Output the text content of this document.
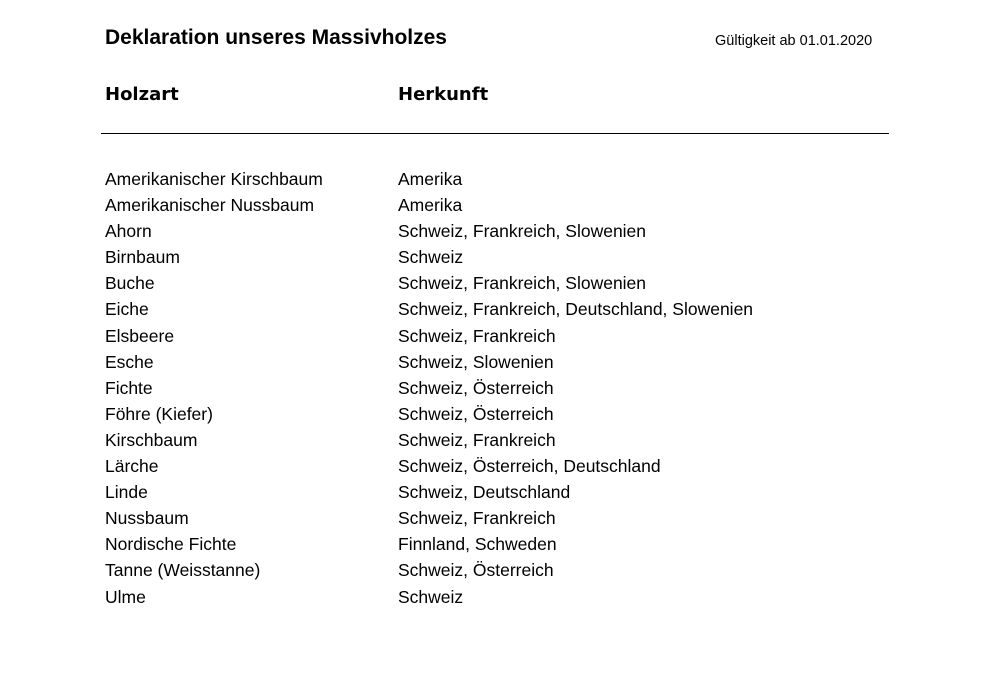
Deklaration unseres Massivholzes	Gültigkeit ab 01.01.2020
Holzart	Herkunft
Amerikanischer Kirschbaum	Amerika
Amerikanischer Nussbaum	Amerika
Ahorn	Schweiz, Frankreich, Slowenien
Birnbaum	Schweiz
Buche	Schweiz, Frankreich, Slowenien
Eiche	Schweiz, Frankreich, Deutschland, Slowenien
Elsbeere	Schweiz, Frankreich
Esche	Schweiz, Slowenien
Fichte	Schweiz, Österreich
Föhre (Kiefer)	Schweiz, Österreich
Kirschbaum	Schweiz, Frankreich
Lärche	Schweiz, Österreich, Deutschland
Linde	Schweiz, Deutschland
Nussbaum	Schweiz, Frankreich
Nordische Fichte	Finnland, Schweden
Tanne (Weisstanne)	Schweiz, Österreich
Ulme	Schweiz
